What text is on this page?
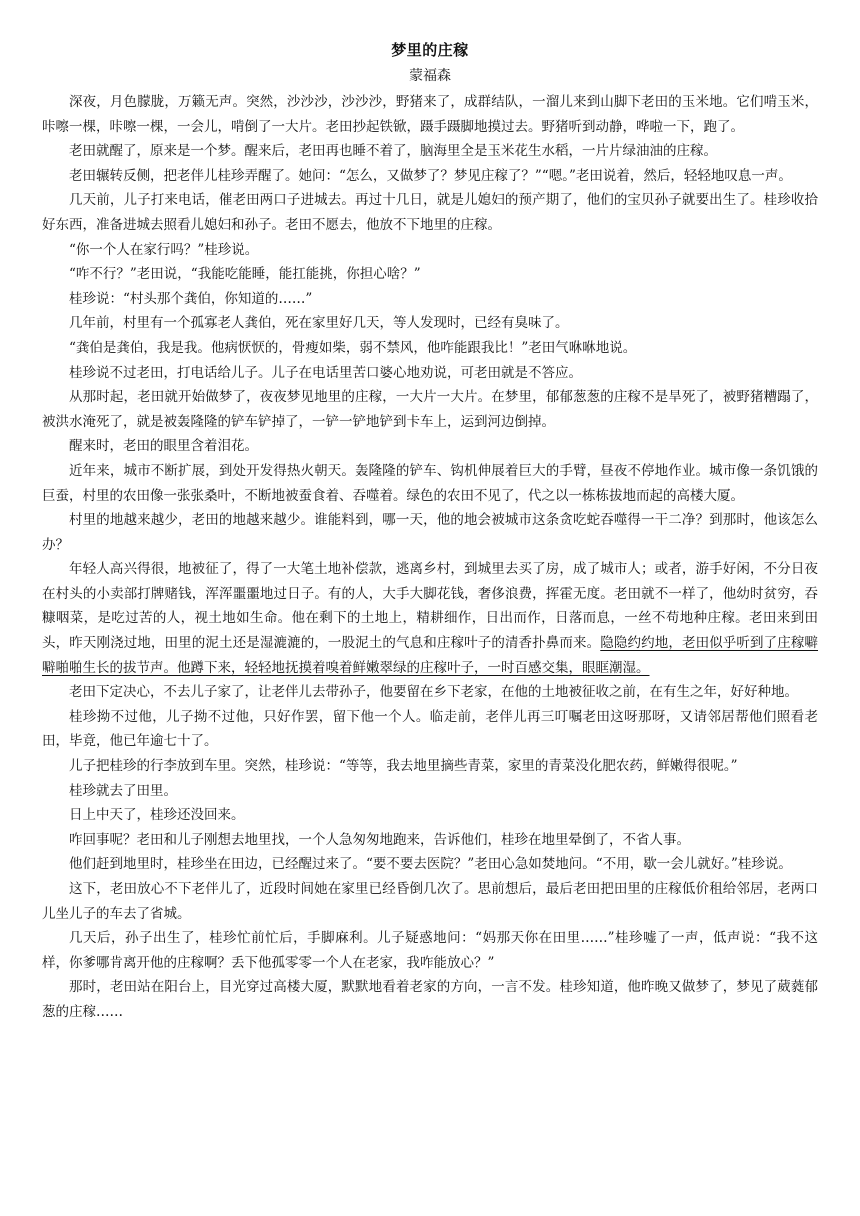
梦里的庄稼
蒙福森

深夜，月色朦胧，万籁无声。突然，沙沙沙，沙沙沙，野猪来了，成群结队，一溜儿来到山脚下老田的玉米地。它们啃玉米，咔嚓一棵，咔嚓一棵，一会儿，啃倒了一大片。老田抄起铁锨，蹑手蹑脚地摸过去。野猪听到动静，哗啦一下，跑了。

老田就醒了，原来是一个梦。醒来后，老田再也睡不着了，脑海里全是玉米花生水稻，一片片绿油油的庄稼。

老田辗转反侧，把老伴儿桂珍弄醒了。她问：“怎么，又做梦了？梦见庄稼了？”“嗯。”老田说着，然后，轻轻地叹息一声。

几天前，儿子打来电话，催老田两口子进城去。再过十几日，就是儿媳妇的预产期了，他们的宝贝孙子就要出生了。桂珍收拾好东西，准备进城去照看儿媳妇和孙子。老田不愿去，他放不下地里的庄稼。

“你一个人在家行吗？”桂珍说。

“咋不行？”老田说，“我能吃能睡，能扛能挑，你担心啥？”

桂珍说：“村头那个龚伯，你知道的……”

几年前，村里有一个孤寡老人龚伯，死在家里好几天，等人发现时，已经有臭味了。

“龚伯是龚伯，我是我。他病恹恹的，骨瘦如柴，弱不禁风，他咋能跟我比！”老田气咻咻地说。

桂珍说不过老田，打电话给儿子。儿子在电话里苦口婆心地劝说，可老田就是不答应。

从那时起，老田就开始做梦了，夜夜梦见地里的庄稼，一大片一大片。在梦里，郁郁葱葱的庄稼不是旱死了，被野猪糟蹋了，被洪水淹死了，就是被轰隆隆的铲车铲掉了，一铲一铲地铲到卡车上，运到河边倒掉。

醒来时，老田的眼里含着泪花。

近年来，城市不断扩展，到处开发得热火朝天。轰隆隆的铲车、钩机伸展着巨大的手臂，昼夜不停地作业。城市像一条饥饿的巨蚕，村里的农田像一张张桑叶，不断地被蚕食着、吞噬着。绿色的农田不见了，代之以一栋栋拔地而起的高楼大厦。

村里的地越来越少，老田的地越来越少。谁能料到，哪一天，他的地会被城市这条贪吃蛇吞噬得一干二净？到那时，他该怎么办？

年轻人高兴得很，地被征了，得了一大笔土地补偿款，逃离乡村，到城里去买了房，成了城市人；或者，游手好闲，不分日夜在村头的小卖部打牌赌钱，浑浑噩噩地过日子。有的人，大手大脚花钱，奢侈浪费，挥霍无度。老田就不一样了，他幼时贫穷，吞糠咽菜，是吃过苦的人，视土地如生命。他在剩下的土地上，精耕细作，日出而作，日落而息，一丝不苟地种庄稼。老田来到田头，昨天刚浇过地，田里的泥土还是湿漉漉的，一股泥土的气息和庄稼叶子的清香扑鼻而来。隐隐约约地，老田似乎听到了庄稼噼噼啪啪生长的拔节声。他蹲下来，轻轻地抚摸着嗅着鲜嫩翠绿的庄稼叶子，一时百感交集，眼眶潮湿。

老田下定决心，不去儿子家了，让老伴儿去带孙子，他要留在乡下老家，在他的土地被征收之前，在有生之年，好好种地。

桂珍拗不过他，儿子拗不过他，只好作罢，留下他一个人。临走前，老伴儿再三叮嘱老田这呀那呀，又请邻居帮他们照看老田，毕竟，他已年逾七十了。

儿子把桂珍的行李放到车里。突然，桂珍说：“等等，我去地里摘些青菜，家里的青菜没化肥农药，鲜嫩得很呢。”

桂珍就去了田里。

日上中天了，桂珍还没回来。

咋回事呢？老田和儿子刚想去地里找，一个人急匆匆地跑来，告诉他们，桂珍在地里晕倒了，不省人事。

他们赶到地里时，桂珍坐在田边，已经醒过来了。“要不要去医院？”老田心急如焚地问。“不用，歇一会儿就好。”桂珍说。

这下，老田放心不下老伴儿了，近段时间她在家里已经昏倒几次了。思前想后，最后老田把田里的庄稼低价租给邻居，老两口儿坐儿子的车去了省城。

几天后，孙子出生了，桂珍忙前忙后，手脚麻利。儿子疑惑地问：“妈那天你在田里……”桂珍嘘了一声，低声说：“我不这样，你爹哪肯离开他的庄稼啊？丢下他孤零零一个人在老家，我咋能放心？”

那时，老田站在阳台上，目光穿过高楼大厦，默默地看着老家的方向，一言不发。桂珍知道，他昨晚又做梦了，梦见了葳蕤郁葱的庄稼……
